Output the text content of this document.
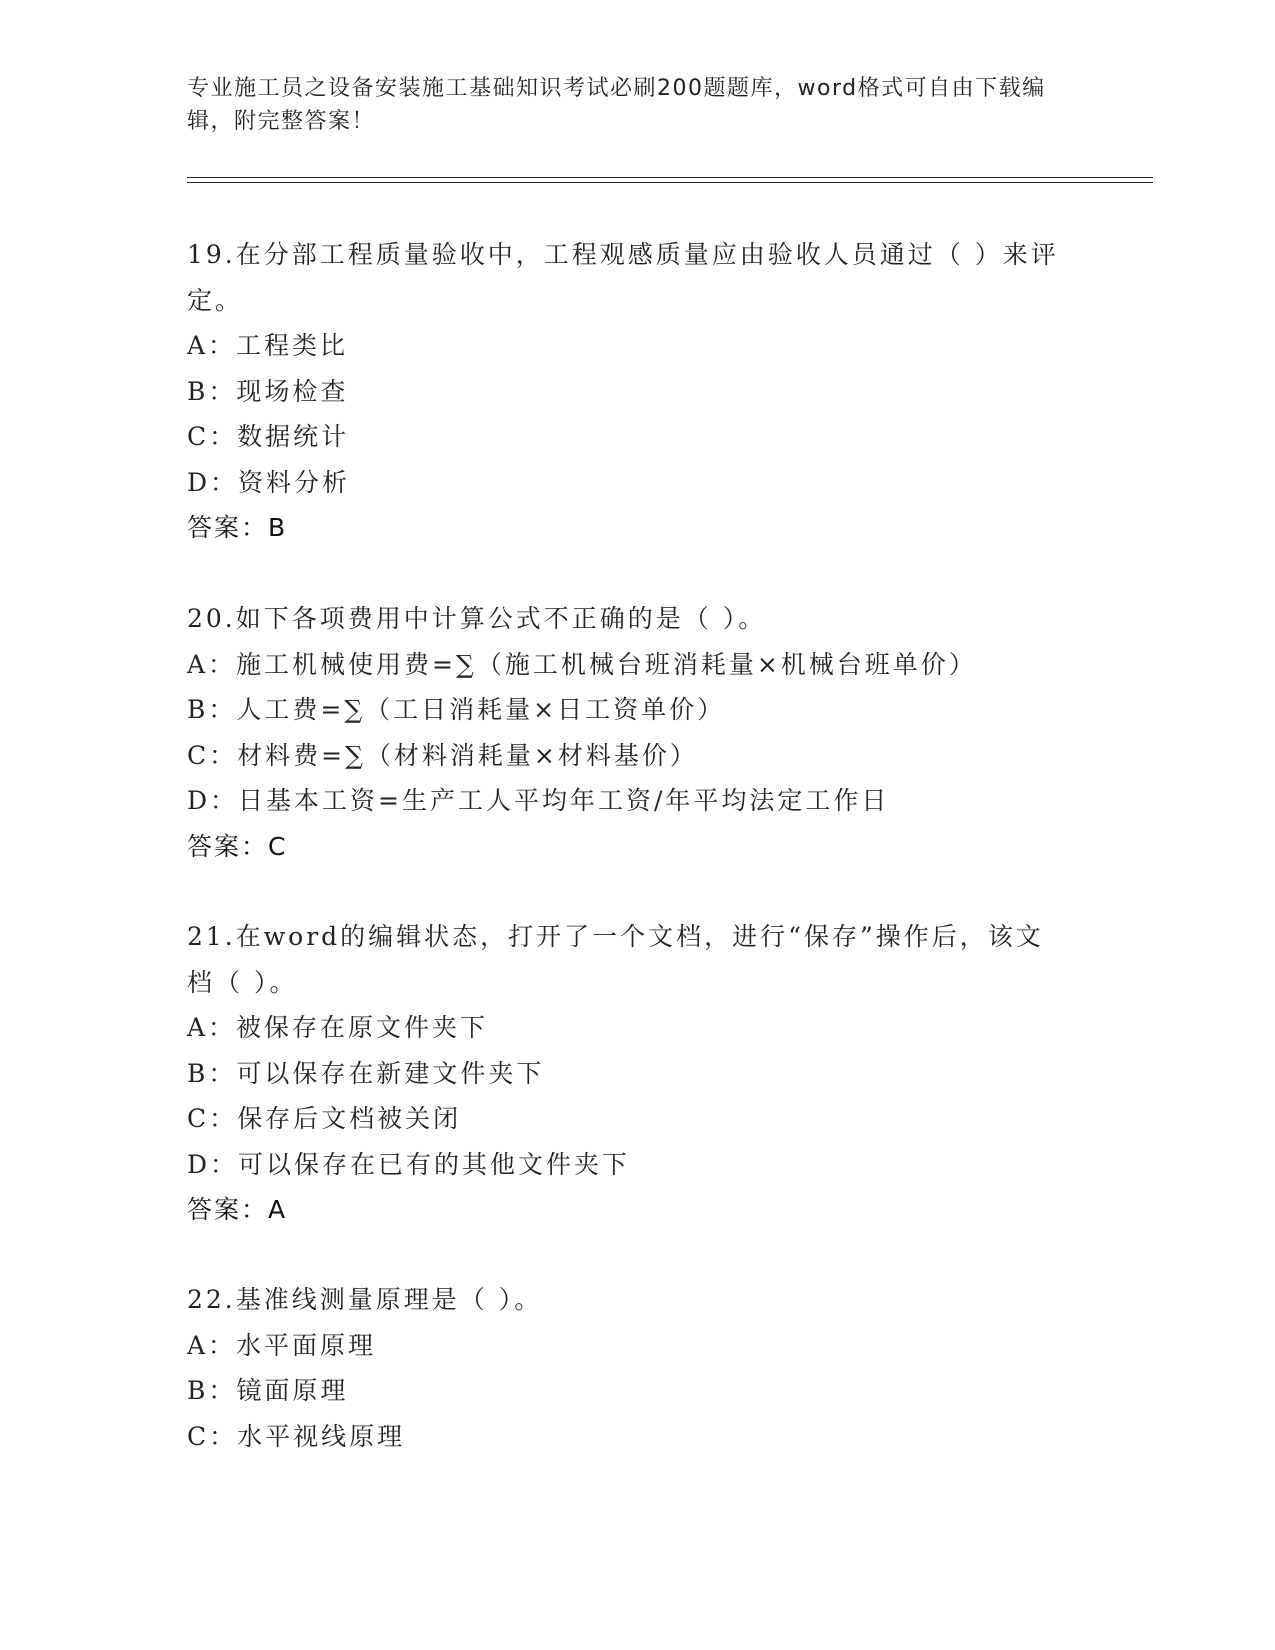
专业施工员之设备安装施工基础知识考试必刷200题题库，word格式可自由下载编辑，附完整答案！
19.在分部工程质量验收中，工程观感质量应由验收人员通过（ ）来评定。
A：工程类比
B：现场检查
C：数据统计
D：资料分析
答案：B
20.如下各项费用中计算公式不正确的是（ ）。
A：施工机械使用费=∑（施工机械台班消耗量×机械台班单价）
B：人工费=∑（工日消耗量×日工资单价）
C：材料费=∑（材料消耗量×材料基价）
D：日基本工资=生产工人平均年工资/年平均法定工作日
答案：C
21.在word的编辑状态，打开了一个文档，进行“保存”操作后，该文档（ ）。
A：被保存在原文件夹下
B：可以保存在新建文件夹下
C：保存后文档被关闭
D：可以保存在已有的其他文件夹下
答案：A
22.基准线测量原理是（ ）。
A：水平面原理
B：镜面原理
C：水平视线原理
